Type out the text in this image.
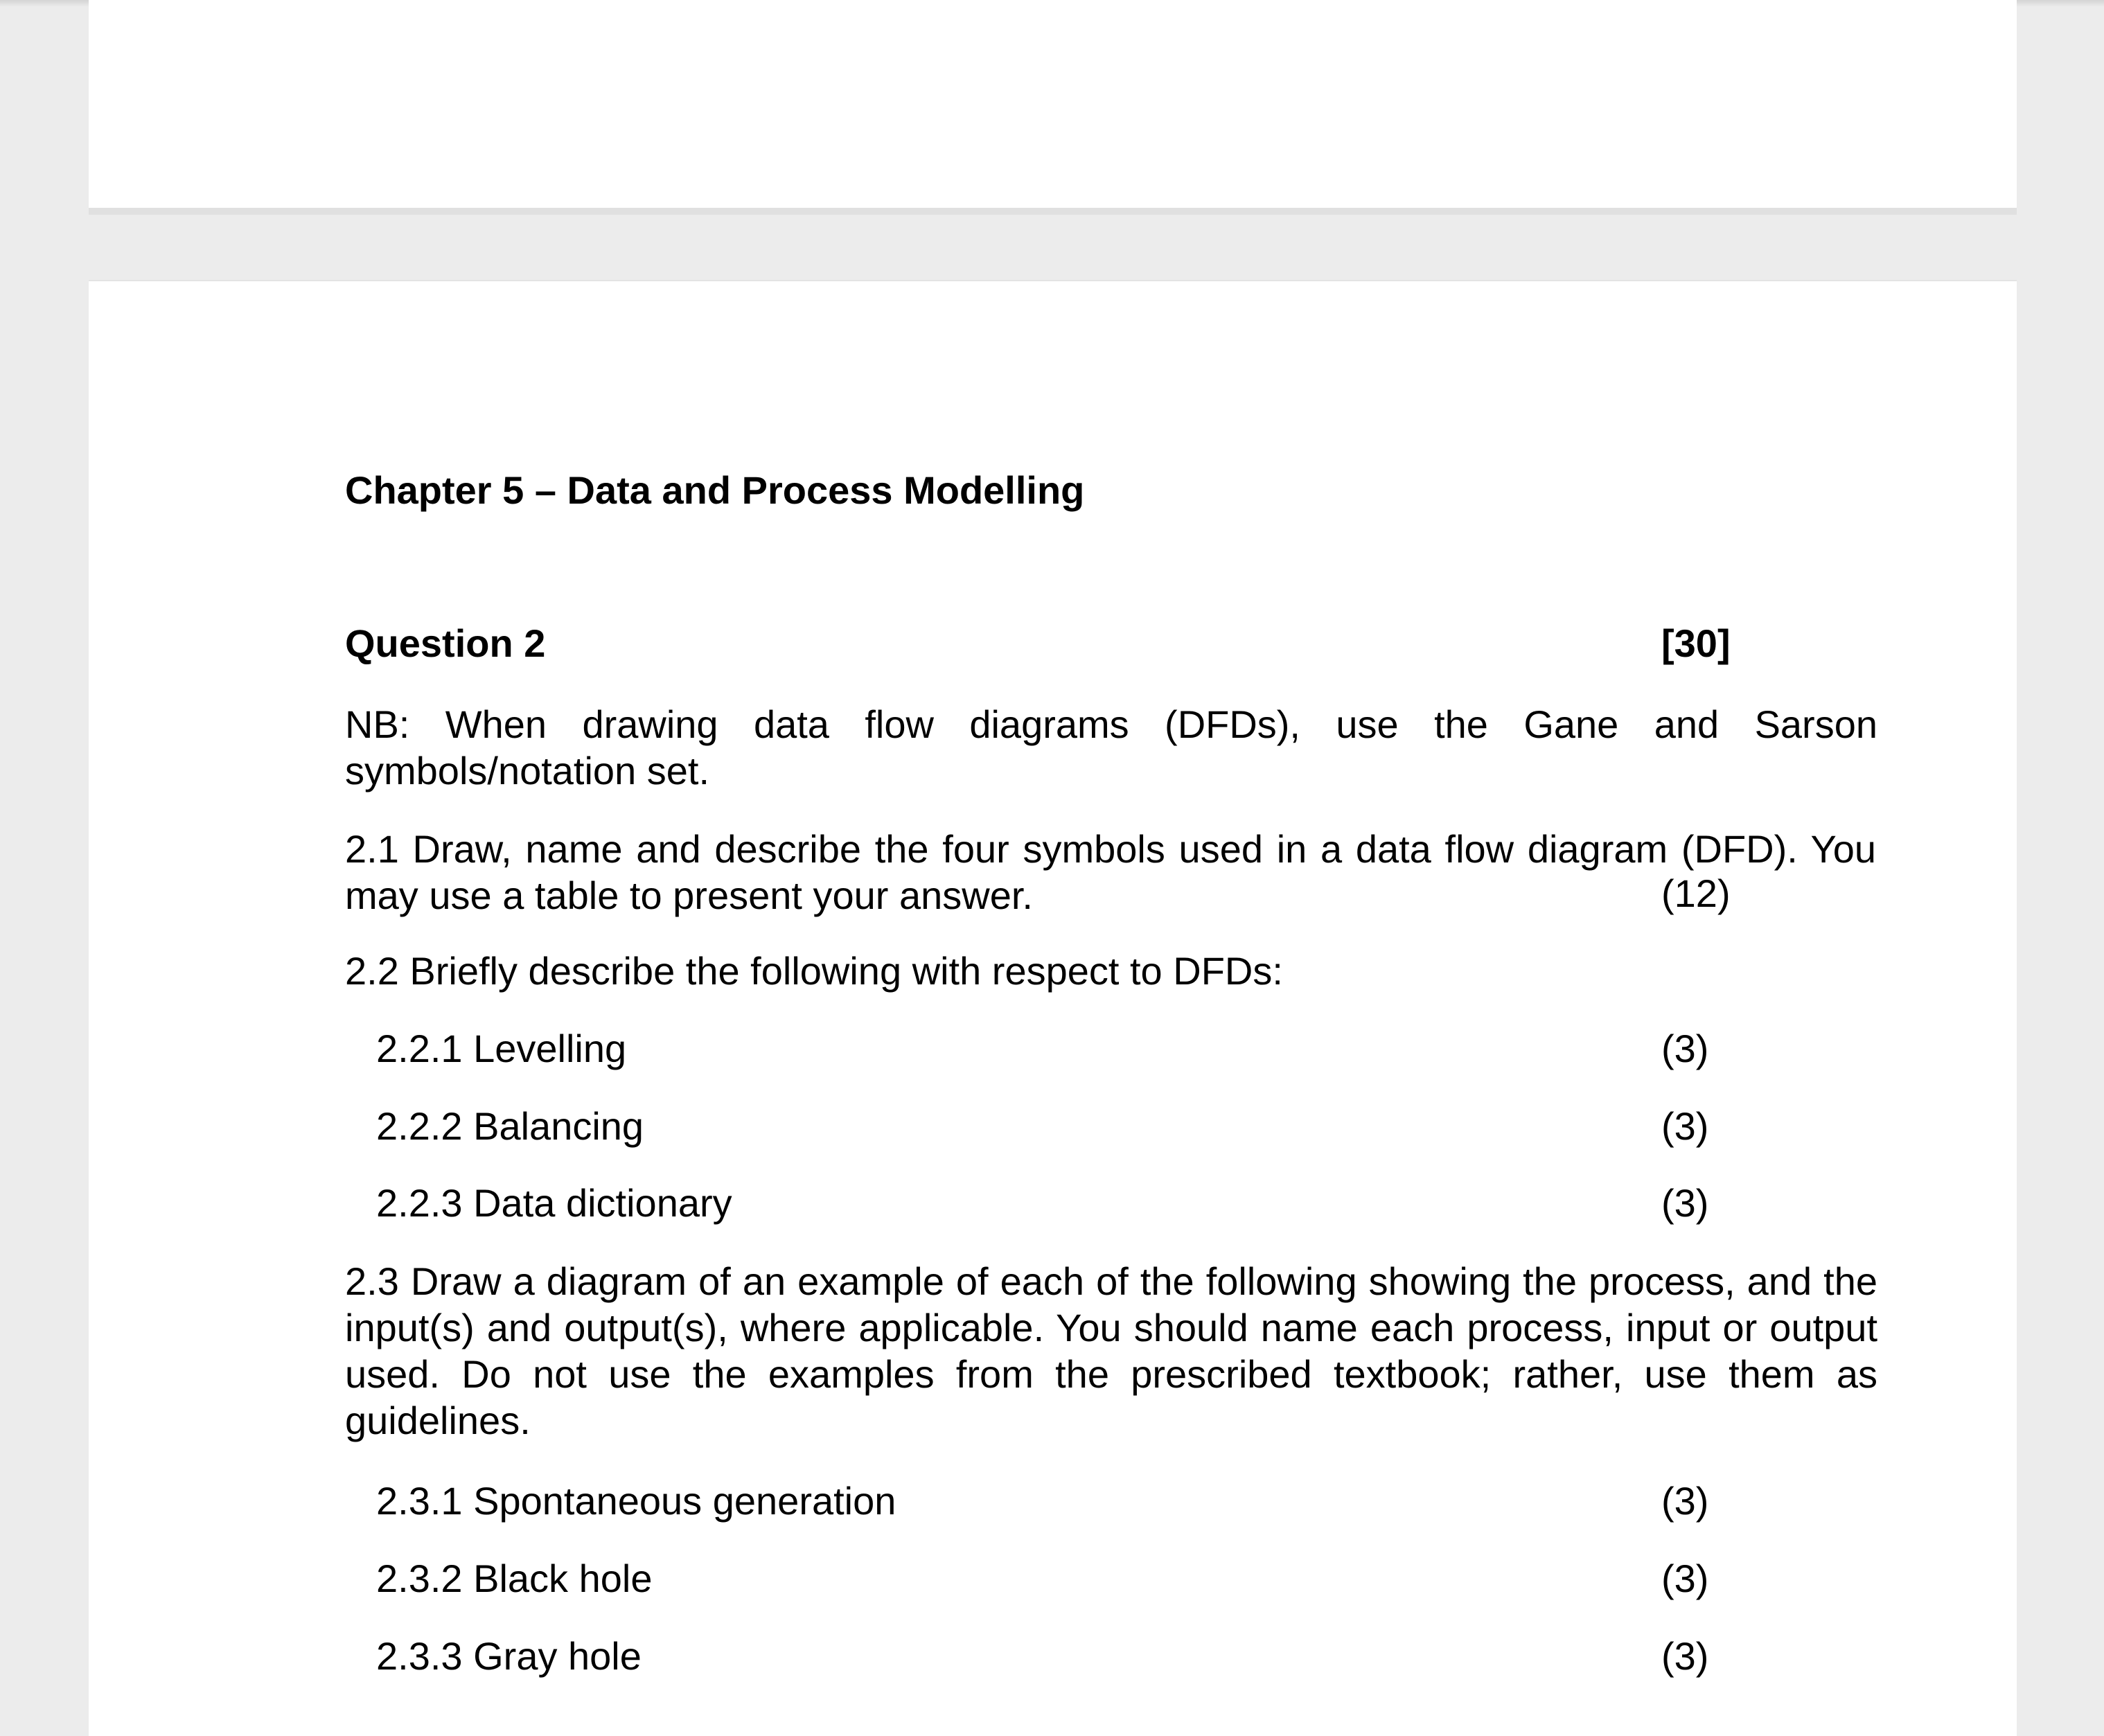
Chapter 5 – Data and Process Modelling
Question 2	[30]
NB: When drawing data flow diagrams (DFDs), use the Gane and Sarson symbols/notation set.
2.1 Draw, name and describe the four symbols used in a data flow diagram (DFD). You may use a table to present your answer.	(12)
2.2 Briefly describe the following with respect to DFDs:
2.2.1 Levelling	(3)
2.2.2 Balancing	(3)
2.2.3 Data dictionary	(3)
2.3 Draw a diagram of an example of each of the following showing the process, and the input(s) and output(s), where applicable. You should name each process, input or output used. Do not use the examples from the prescribed textbook; rather, use them as guidelines.
2.3.1 Spontaneous generation	(3)
2.3.2 Black hole	(3)
2.3.3 Gray hole	(3)
